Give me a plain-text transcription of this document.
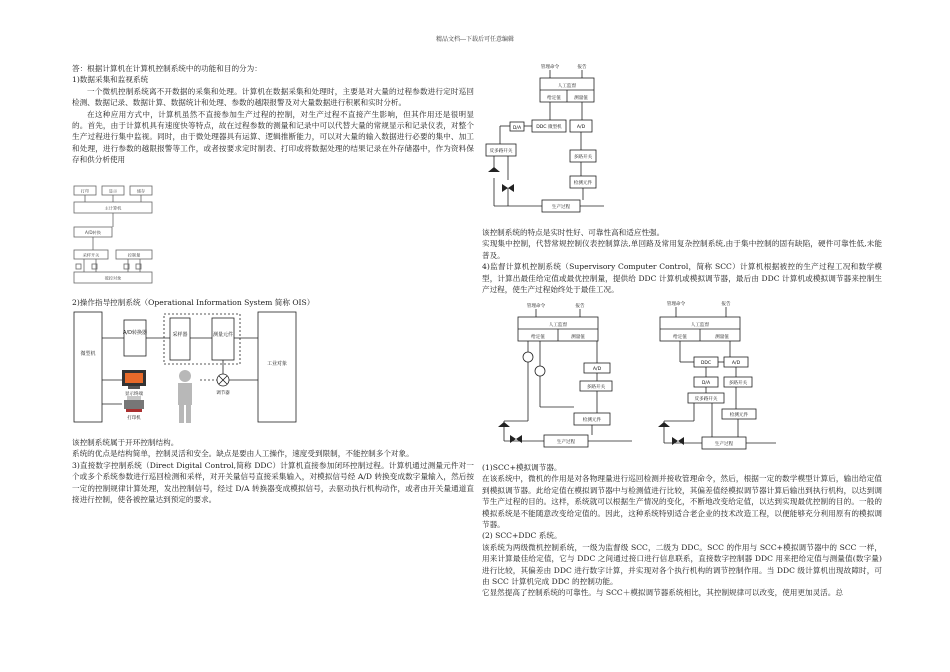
精品文档---下载后可任意编辑

答：根据计算机在计算机控制系统中的功能和目的分为：

1)数据采集和监视系统

一个微机控制系统离不开数据的采集和处理。计算机在数据采集和处理时，主要是对大量的过程参数进行定时巡回检测、数据记录、数据计算、数据统计和处理、参数的越限报警及对大量数据进行积累和实时分析。

在这种应用方式中，计算机虽然不直接参加生产过程的控制，对生产过程不直接产生影响，但其作用还是很明显的。首先，由于计算机具有速度快等特点，故在过程参数的测量和记录中可以代替大量的常规显示和记录仪表，对整个生产过程进行集中监视。同时，由于微处理器具有运算、逻辑推断能力，可以对大量的输入数据进行必要的集中、加工和处理，进行参数的越限报警等工作，或者按要求定时制表、打印或将数据处理的结果记录在外存储器中，作为资料保存和供分析使用

打印	显示	储存
主计算机
A/D转换
采样开关	控制量
被控对象

2)操作指导控制系统（Operational Information System 简称 OIS）

微型机
A/D转换器	采样器	测量元件
工业对象
显示终端
打印机
调节器

该控制系统属于开环控制结构。

系统的优点是结构简单，控制灵活和安全。缺点是要由人工操作，速度受到限制，不能控制多个对象。

3)直接数字控制系统（Direct Digital Control,简称 DDC）计算机直接参加闭环控制过程。计算机通过测量元件对一个或多个系统参数进行巡回检测和采样，对开关量信号直接采集输入，对模拟信号经 A/D 转换变成数字量输入，然后按一定的控制规律计算处理，发出控制信号，经过 D/A 转换器变成模拟信号，去驱动执行机构动作，或者由开关量通道直接进行控制，使各被控量达到预定的要求。

管理命令	报告
人工监督
给定值	测量值
D/A	DDC 微型机	A/D
反多路开关
多路开关
检测元件
生产过程

该控制系统的特点是实时性好、可靠性高和适应性强。

实现集中控制，代替常规控制仪表控制算法,单回路及常用复杂控制系统,由于集中控制的固有缺陷，硬件可靠性低,未能普及。

4)监督计算机控制系统（Supervisory Computer Control，简称 SCC）计算机根据被控的生产过程工况和数学模型，计算出最佳给定值或最优控制量，提供给 DDC 计算机或模拟调节器，最后由 DDC 计算机或模拟调节器来控制生产过程，使生产过程始终处于最佳工况。

管理命令	报告
人工监督
给定值	测量值
A/D
多路开关
检测元件
生产过程
管理命令	报告
人工监督
给定值	测量值
DDC	A/D
D/A	多路开关
反多路开关
检测元件
生产过程

(1)SCC+模拟调节器。

在该系统中，微机的作用是对各物理量进行巡回检测并接收管理命令，然后，根据一定的数学模型计算后，输出给定值到模拟调节器。此给定值在模拟调节器中与检测值进行比较，其偏差值经模拟调节器计算后输出到执行机构，以达到调节生产过程的目的。这样，系统就可以根据生产情况的变化，不断地改变给定值，以达到实现最优控制的目的。一般的模拟系统是不能随意改变给定值的。因此，这种系统特别适合老企业的技术改造工程，以便能够充分利用原有的模拟调节器。

(2) SCC+DDC 系统。

该系统为两级微机控制系统，一级为监督级 SCC，二级为 DDC。SCC 的作用与 SCC+模拟调节器中的 SCC 一样，用来计算最佳给定值，它与 DDC 之间通过接口进行信息联系，直接数字控制器 DDC 用来把给定值与测量值(数字量)进行比较，其偏差由 DDC 进行数字计算，并实现对各个执行机构的调节控制作用。当 DDC 级计算机出现故障时，可由 SCC 计算机完成 DDC 的控制功能。

它显然提高了控制系统的可靠性。与 SCC＋模拟调节器系统相比，其控制规律可以改变，使用更加灵活。总
